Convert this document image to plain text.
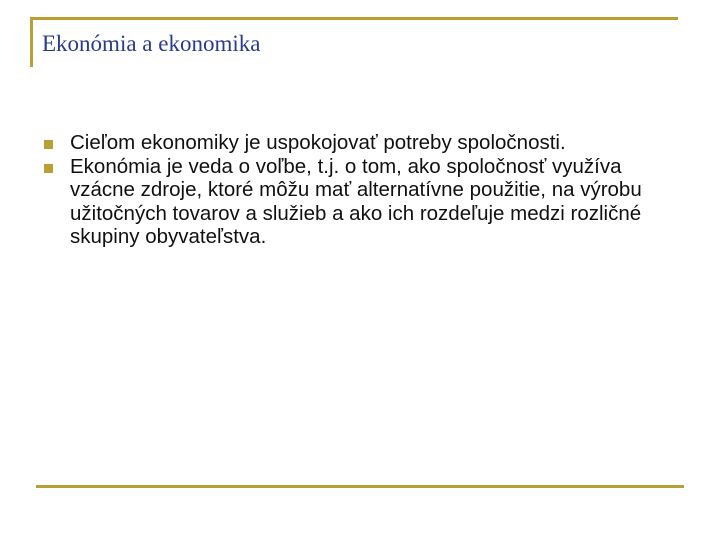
Ekonómia a ekonomika
Cieľom ekonomiky je uspokojovať potreby spoločnosti.
Ekonómia je veda o voľbe, t.j. o tom, ako spoločnosť využíva vzácne zdroje, ktoré môžu mať alternatívne použitie, na výrobu užitočných tovarov a služieb a ako ich rozdeľuje medzi rozličné skupiny obyvateľstva.
